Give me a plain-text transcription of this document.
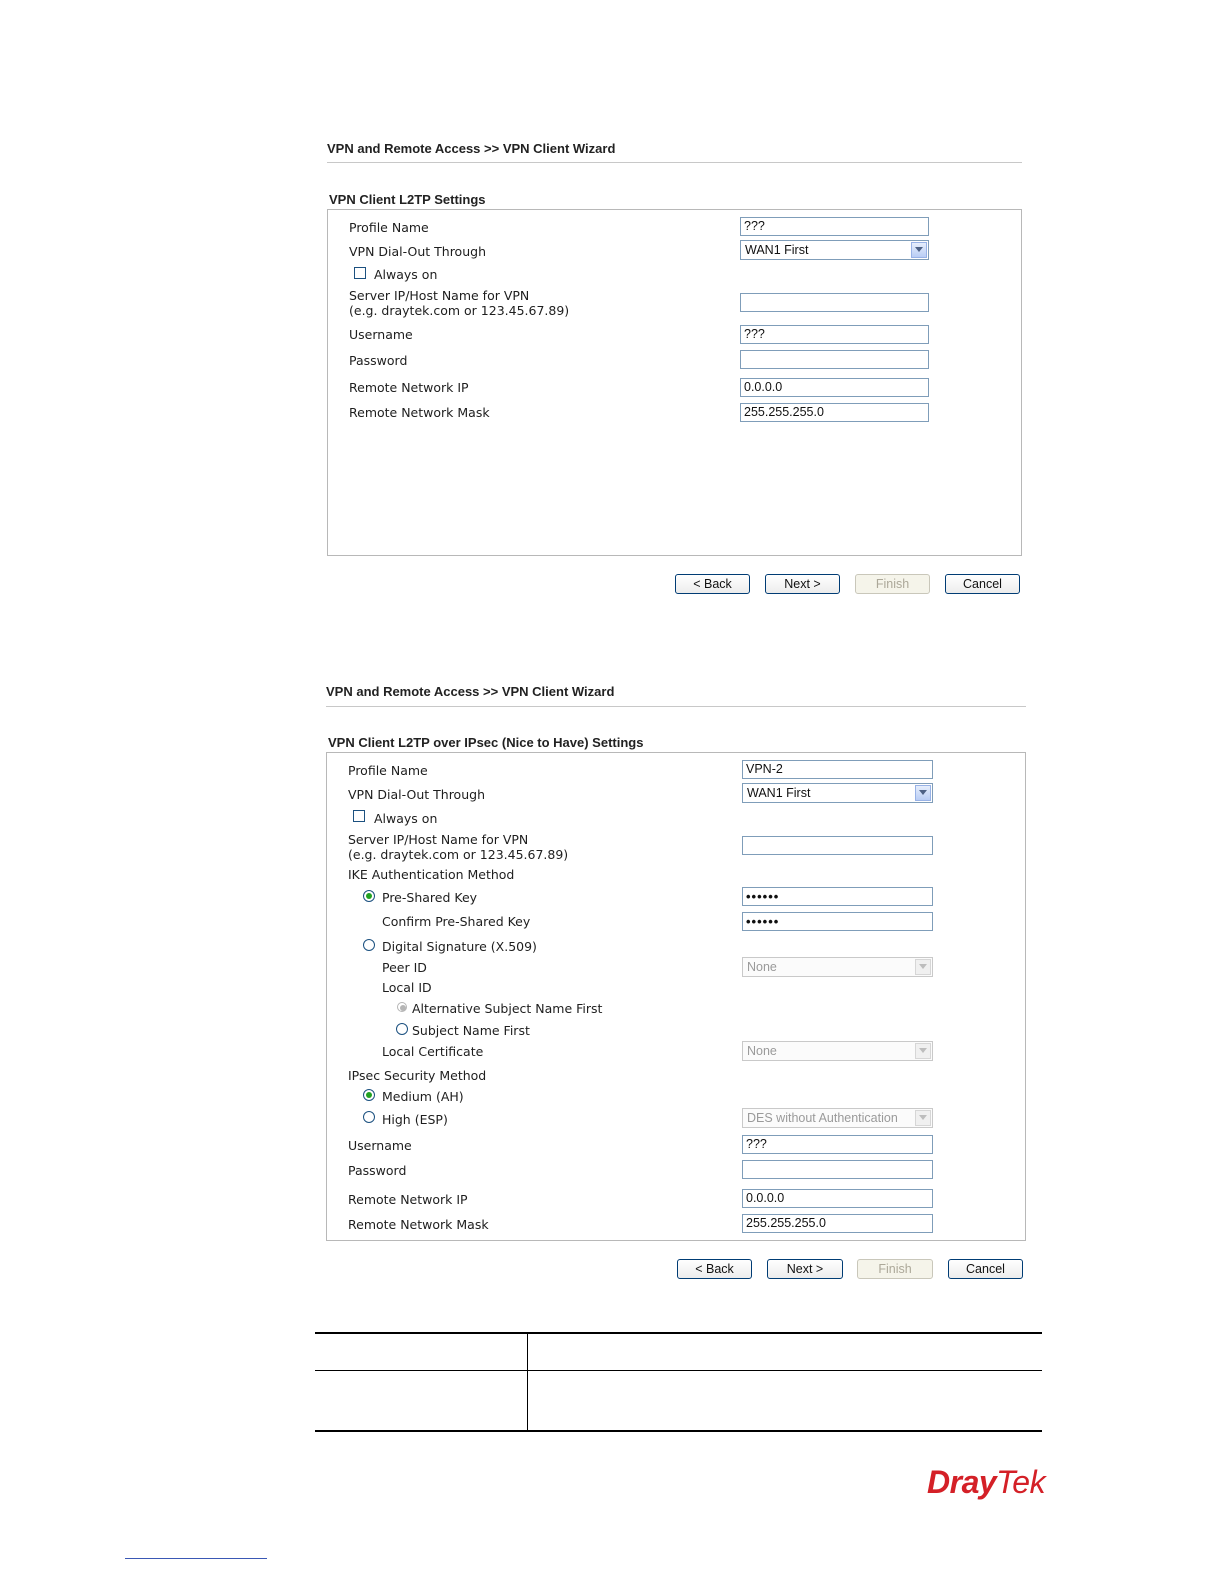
VPN and Remote Access >> VPN Client Wizard
VPN Client L2TP Settings
Profile Name	???
VPN Dial-Out Through	WAN1 First
Always on
Server IP/Host Name for VPN
(e.g. draytek.com or 123.45.67.89)
Username	???
Password
Remote Network IP	0.0.0.0
Remote Network Mask	255.255.255.0
< Back	Next >	Finish	Cancel
VPN and Remote Access >> VPN Client Wizard
VPN Client L2TP over IPsec (Nice to Have) Settings
Profile Name	VPN-2
VPN Dial-Out Through	WAN1 First
Always on
Server IP/Host Name for VPN
(e.g. draytek.com or 123.45.67.89)
IKE Authentication Method
Pre-Shared Key	••••••
Confirm Pre-Shared Key	••••••
Digital Signature (X.509)
Peer ID	None
Local ID
Alternative Subject Name First
Subject Name First
Local Certificate	None
IPsec Security Method
Medium (AH)
High (ESP)	DES without Authentication
Username	???
Password
Remote Network IP	0.0.0.0
Remote Network Mask	255.255.255.0
< Back	Next >	Finish	Cancel
DrayTek
